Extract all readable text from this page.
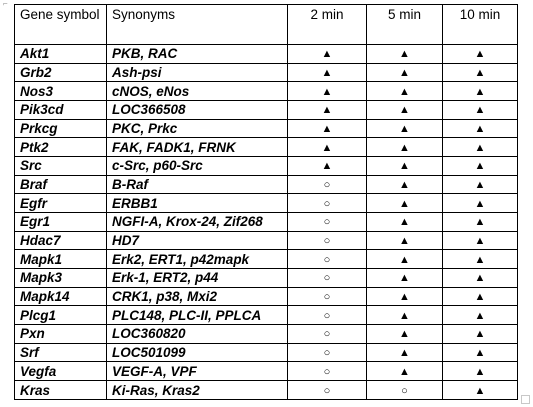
⌐
Gene symbol	Synonyms	2 min	5 min	10 min
Akt1	PKB, RAC	▲	▲	▲
Grb2	Ash-psi	▲	▲	▲
Nos3	cNOS, eNos	▲	▲	▲
Pik3cd	LOC366508	▲	▲	▲
Prkcg	PKC, Prkc	▲	▲	▲
Ptk2	FAK, FADK1, FRNK	▲	▲	▲
Src	c-Src, p60-Src	▲	▲	▲
Braf	B-Raf	○	▲	▲
Egfr	ERBB1	○	▲	▲
Egr1	NGFI-A, Krox-24, Zif268	○	▲	▲
Hdac7	HD7	○	▲	▲
Mapk1	Erk2, ERT1, p42mapk	○	▲	▲
Mapk3	Erk-1, ERT2, p44	○	▲	▲
Mapk14	CRK1, p38, Mxi2	○	▲	▲
Plcg1	PLC148, PLC-II, PPLCA	○	▲	▲
Pxn	LOC360820	○	▲	▲
Srf	LOC501099	○	▲	▲
Vegfa	VEGF-A, VPF	○	▲	▲
Kras	Ki-Ras, Kras2	○	○	▲
